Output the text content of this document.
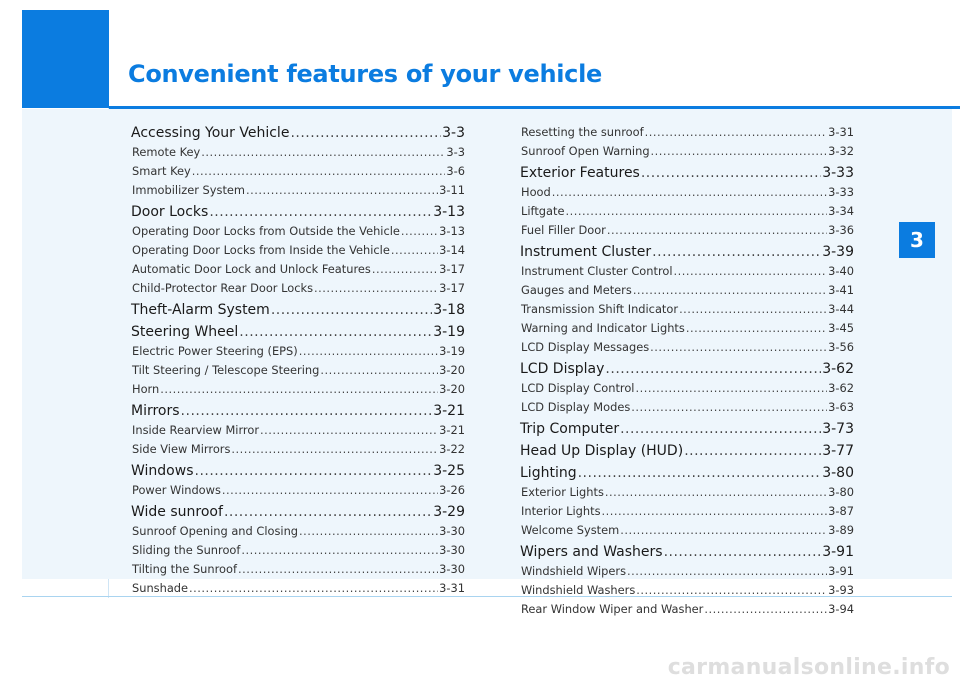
Convenient features of your vehicle
3
Accessing Your Vehicle .....	3-3
Remote Key .....	3-3
Smart Key .....	3-6
Immobilizer System .....	3-11
Door Locks .....	3-13
Operating Door Locks from Outside the Vehicle .....	3-13
Operating Door Locks from Inside the Vehicle .....	3-14
Automatic Door Lock and Unlock Features .....	3-17
Child-Protector Rear Door Locks .....	3-17
Theft-Alarm System .....	3-18
Steering Wheel .....	3-19
Electric Power Steering (EPS) .....	3-19
Tilt Steering / Telescope Steering .....	3-20
Horn .....	3-20
Mirrors .....	3-21
Inside Rearview Mirror .....	3-21
Side View Mirrors .....	3-22
Windows .....	3-25
Power Windows .....	3-26
Wide sunroof .....	3-29
Sunroof Opening and Closing .....	3-30
Sliding the Sunroof .....	3-30
Tilting the Sunroof .....	3-30
Sunshade .....	3-31
Resetting the sunroof .....	3-31
Sunroof Open Warning .....	3-32
Exterior Features .....	3-33
Hood .....	3-33
Liftgate .....	3-34
Fuel Filler Door .....	3-36
Instrument Cluster .....	3-39
Instrument Cluster Control .....	3-40
Gauges and Meters .....	3-41
Transmission Shift Indicator .....	3-44
Warning and Indicator Lights .....	3-45
LCD Display Messages .....	3-56
LCD Display .....	3-62
LCD Display Control .....	3-62
LCD Display Modes .....	3-63
Trip Computer .....	3-73
Head Up Display (HUD) .....	3-77
Lighting .....	3-80
Exterior Lights .....	3-80
Interior Lights .....	3-87
Welcome System .....	3-89
Wipers and Washers .....	3-91
Windshield Wipers .....	3-91
Windshield Washers .....	3-93
Rear Window Wiper and Washer .....	3-94
carmanualsonline.info
